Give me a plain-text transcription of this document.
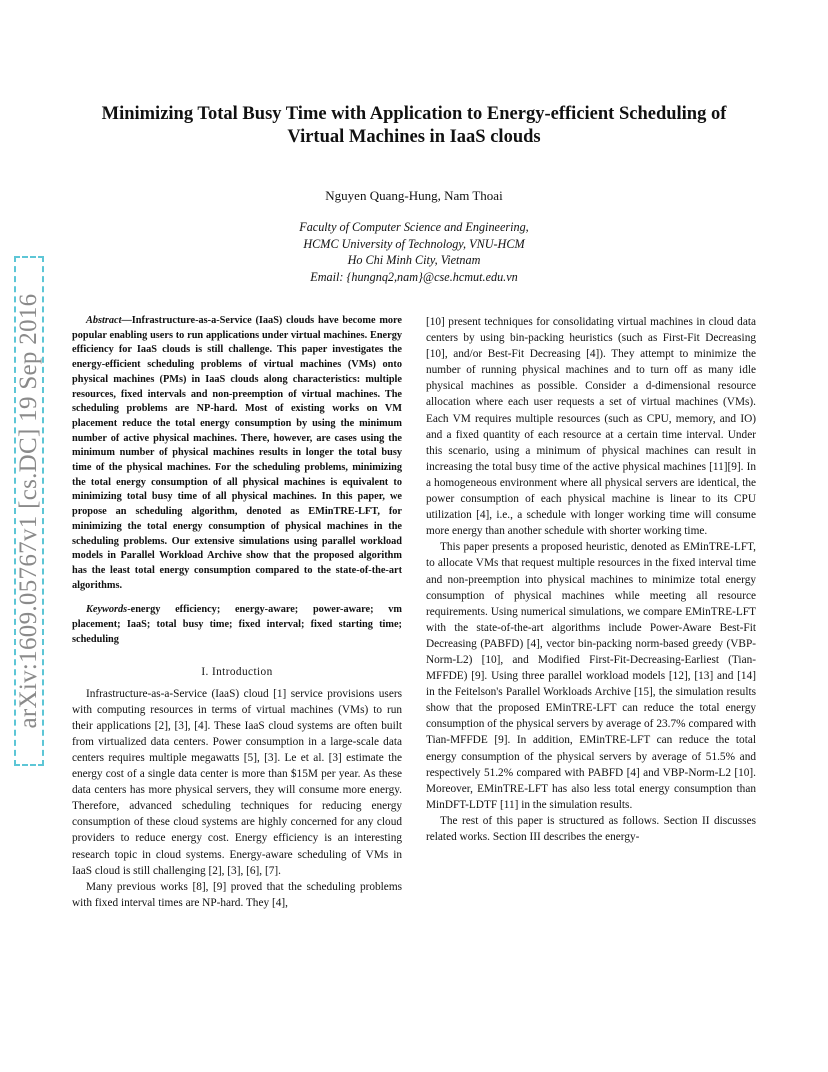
arXiv:1609.05767v1 [cs.DC] 19 Sep 2016
Minimizing Total Busy Time with Application to Energy-efficient Scheduling of Virtual Machines in IaaS clouds
Nguyen Quang-Hung, Nam Thoai
Faculty of Computer Science and Engineering,
HCMC University of Technology, VNU-HCM
Ho Chi Minh City, Vietnam
Email: {hungnq2,nam}@cse.hcmut.edu.vn

Abstract—Infrastructure-as-a-Service (IaaS) clouds have become more popular enabling users to run applications under virtual machines. Energy efficiency for IaaS clouds is still challenge. This paper investigates the energy-efficient scheduling problems of virtual machines (VMs) onto physical machines (PMs) in IaaS clouds along characteristics: multiple resources, fixed intervals and non-preemption of virtual machines. The scheduling problems are NP-hard. Most of existing works on VM placement reduce the total energy consumption by using the minimum number of active physical machines. There, however, are cases using the minimum number of physical machines results in longer the total busy time of the physical machines. For the scheduling problems, minimizing the total energy consumption of all physical machines is equivalent to minimizing total busy time of all physical machines. In this paper, we propose an scheduling algorithm, denoted as EMinTRE-LFT, for minimizing the total energy consumption of physical machines in the scheduling problems. Our extensive simulations using parallel workload models in Parallel Workload Archive show that the proposed algorithm has the least total energy consumption compared to the state-of-the-art algorithms.

Keywords-energy efficiency; energy-aware; power-aware; vm placement; IaaS; total busy time; fixed interval; fixed starting time; scheduling

I. Introduction

Infrastructure-as-a-Service (IaaS) cloud [1] service provisions users with computing resources in terms of virtual machines (VMs) to run their applications [2], [3], [4]. These IaaS cloud systems are often built from virtualized data centers. Power consumption in a large-scale data centers requires multiple megawatts [5], [3]. Le et al. [3] estimate the energy cost of a single data center is more than $15M per year. As these data centers has more physical servers, they will consume more energy. Therefore, advanced scheduling techniques for reducing energy consumption of these cloud systems are highly concerned for any cloud providers to reduce energy cost. Energy efficiency is an interesting research topic in cloud systems. Energy-aware scheduling of VMs in IaaS cloud is still challenging [2], [3], [6], [7].

Many previous works [8], [9] proved that the scheduling problems with fixed interval times are NP-hard. They [4],

[10] present techniques for consolidating virtual machines in cloud data centers by using bin-packing heuristics (such as First-Fit Decreasing [10], and/or Best-Fit Decreasing [4]). They attempt to minimize the number of running physical machines and to turn off as many idle physical machines as possible. Consider a d-dimensional resource allocation where each user requests a set of virtual machines (VMs). Each VM requires multiple resources (such as CPU, memory, and IO) and a fixed quantity of each resource at a certain time interval. Under this scenario, using a minimum of physical machines can result in increasing the total busy time of the active physical machines [11][9]. In a homogeneous environment where all physical servers are identical, the power consumption of each physical machine is linear to its CPU utilization [4], i.e., a schedule with longer working time will consume more energy than another schedule with shorter working time.

This paper presents a proposed heuristic, denoted as EMinTRE-LFT, to allocate VMs that request multiple resources in the fixed interval time and non-preemption into physical machines to minimize total energy consumption of physical machines while meeting all resource requirements. Using numerical simulations, we compare EMinTRE-LFT with the state-of-the-art algorithms include Power-Aware Best-Fit Decreasing (PABFD) [4], vector bin-packing norm-based greedy (VBP-Norm-L2) [10], and Modified First-Fit-Decreasing-Earliest (Tian-MFFDE) [9]. Using three parallel workload models [12], [13] and [14] in the Feitelson's Parallel Workloads Archive [15], the simulation results show that the proposed EMinTRE-LFT can reduce the total energy consumption of the physical servers by average of 23.7% compared with Tian-MFFDE [9]. In addition, EMinTRE-LFT can reduce the total energy consumption of the physical servers by average of 51.5% and respectively 51.2% compared with PABFD [4] and VBP-Norm-L2 [10]. Moreover, EMinTRE-LFT has also less total energy consumption than MinDFT-LDTF [11] in the simulation results.

The rest of this paper is structured as follows. Section II discusses related works. Section III describes the energy-
